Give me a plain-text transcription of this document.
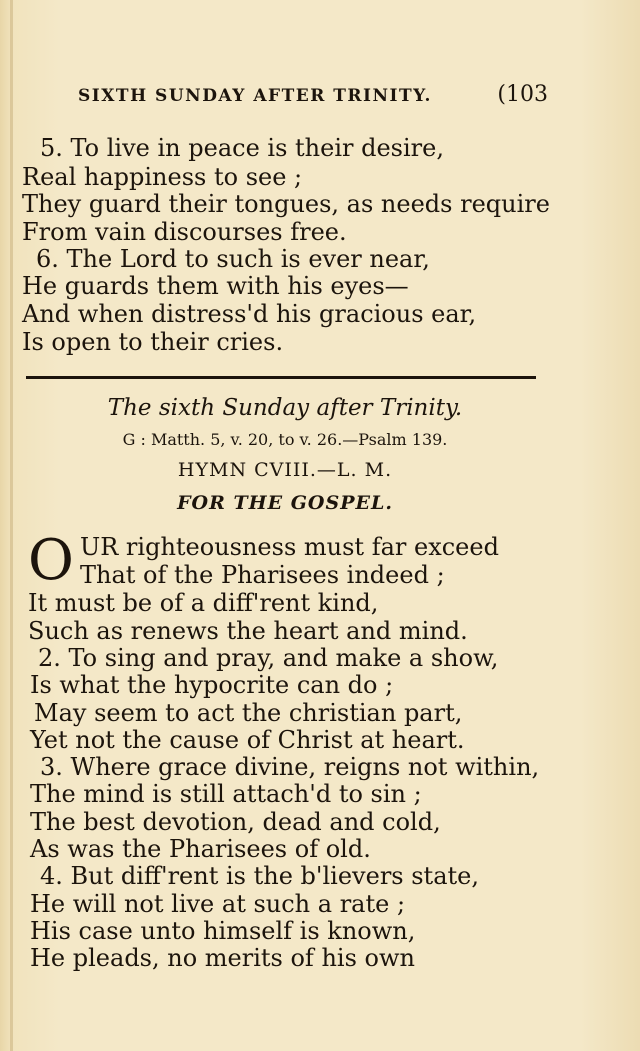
SIXTH SUNDAY AFTER TRINITY.	(103
5. To live in peace is their desire,
Real happiness to see ;
They guard their tongues, as needs require
From vain discourses free.
6. The Lord to such is ever near,
He guards them with his eyes—
And when distress'd his gracious ear,
Is open to their cries.
The sixth Sunday after Trinity.
G : Matth. 5, v. 20, to v. 26.—Psalm 139.
HYMN CVIII.—L. M.
FOR THE GOSPEL.
O UR righteousness must far exceed
That of the Pharisees indeed ;
It must be of a diff'rent kind,
Such as renews the heart and mind.
2. To sing and pray, and make a show,
Is what the hypocrite can do ;
May seem to act the christian part,
Yet not the cause of Christ at heart.
3. Where grace divine, reigns not within,
The mind is still attach'd to sin ;
The best devotion, dead and cold,
As was the Pharisees of old.
4. But diff'rent is the b'lievers state,
He will not live at such a rate ;
His case unto himself is known,
He pleads, no merits of his own
